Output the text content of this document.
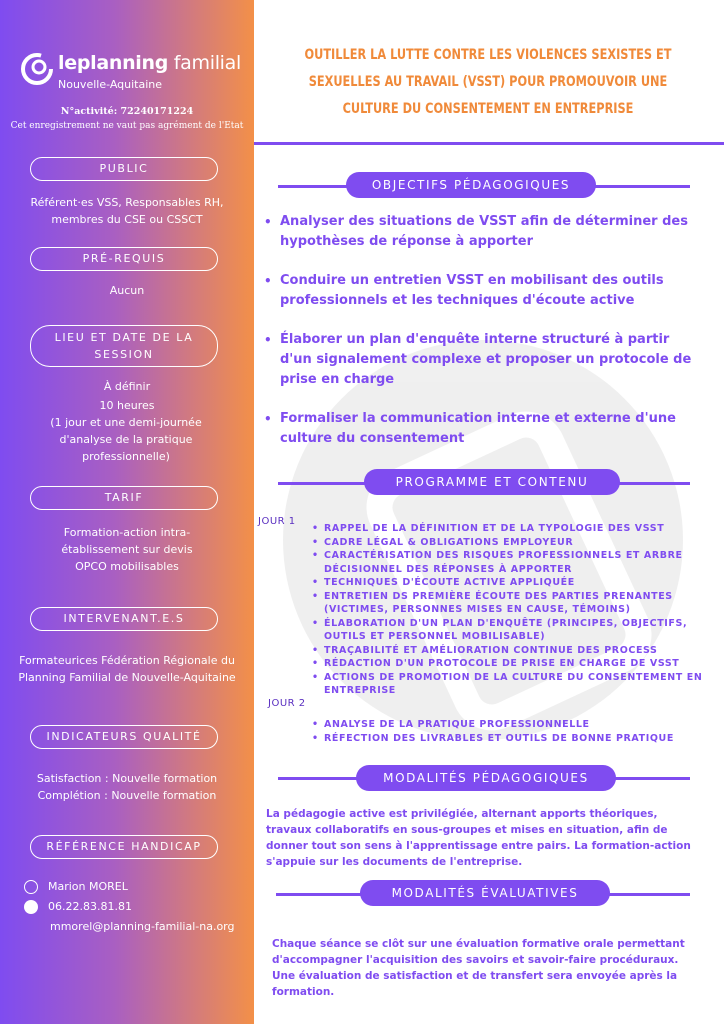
leplanning familial
Nouvelle-Aquitaine
N°activité: 72240171224
Cet enregistrement ne vaut pas agrément de l'Etat
PUBLIC
Référent·es VSS, Responsables RH, membres du CSE ou CSSCT
PRÉ-REQUIS
Aucun
LIEU ET DATE DE LA SESSION
À définir
10 heures
(1 jour et une demi-journée d'analyse de la pratique professionnelle)
TARIF
Formation-action intra-établissement sur devis OPCO mobilisables
INTERVENANT.E.S
Formateurices Fédération Régionale du Planning Familial de Nouvelle-Aquitaine
INDICATEURS QUALITÉ
Satisfaction : Nouvelle formation
Complétion : Nouvelle formation
RÉFÉRENCE HANDICAP
Marion MOREL
06.22.83.81.81
mmorel@planning-familial-na.org
OUTILLER LA LUTTE CONTRE LES VIOLENCES SEXISTES ET SEXUELLES AU TRAVAIL (VSST) POUR PROMOUVOIR UNE CULTURE DU CONSENTEMENT EN ENTREPRISE
OBJECTIFS PÉDAGOGIQUES
• Analyser des situations de VSST afin de déterminer des hypothèses de réponse à apporter
• Conduire un entretien VSST en mobilisant des outils professionnels et les techniques d'écoute active
• Élaborer un plan d'enquête interne structuré à partir d'un signalement complexe et proposer un protocole de prise en charge
• Formaliser la communication interne et externe d'une culture du consentement
PROGRAMME ET CONTENU
JOUR 1
• RAPPEL DE LA DÉFINITION ET DE LA TYPOLOGIE DES VSST
• CADRE LÉGAL & OBLIGATIONS EMPLOYEUR
• CARACTÉRISATION DES RISQUES PROFESSIONNELS ET ARBRE DÉCISIONNEL DES RÉPONSES À APPORTER
• TECHNIQUES D'ÉCOUTE ACTIVE APPLIQUÉE
• ENTRETIEN DS PREMIÈRE ÉCOUTE DES PARTIES PRENANTES (VICTIMES, PERSONNES MISES EN CAUSE, TÉMOINS)
• ÉLABORATION D'UN PLAN D'ENQUÊTE (PRINCIPES, OBJECTIFS, OUTILS ET PERSONNEL MOBILISABLE)
• TRAÇABILITÉ ET AMÉLIORATION CONTINUE DES PROCESS
• RÉDACTION D'UN PROTOCOLE DE PRISE EN CHARGE DE VSST
• ACTIONS DE PROMOTION DE LA CULTURE DU CONSENTEMENT EN ENTREPRISE
JOUR 2
• ANALYSE DE LA PRATIQUE PROFESSIONNELLE
• RÉFECTION DES LIVRABLES ET OUTILS DE BONNE PRATIQUE
MODALITÉS PÉDAGOGIQUES
La pédagogie active est privilégiée, alternant apports théoriques, travaux collaboratifs en sous-groupes et mises en situation, afin de donner tout son sens à l'apprentissage entre pairs. La formation-action s'appuie sur les documents de l'entreprise.
MODALITÉS ÉVALUATIVES
Chaque séance se clôt sur une évaluation formative orale permettant d'accompagner l'acquisition des savoirs et savoir-faire procéduraux. Une évaluation de satisfaction et de transfert sera envoyée après la formation.
